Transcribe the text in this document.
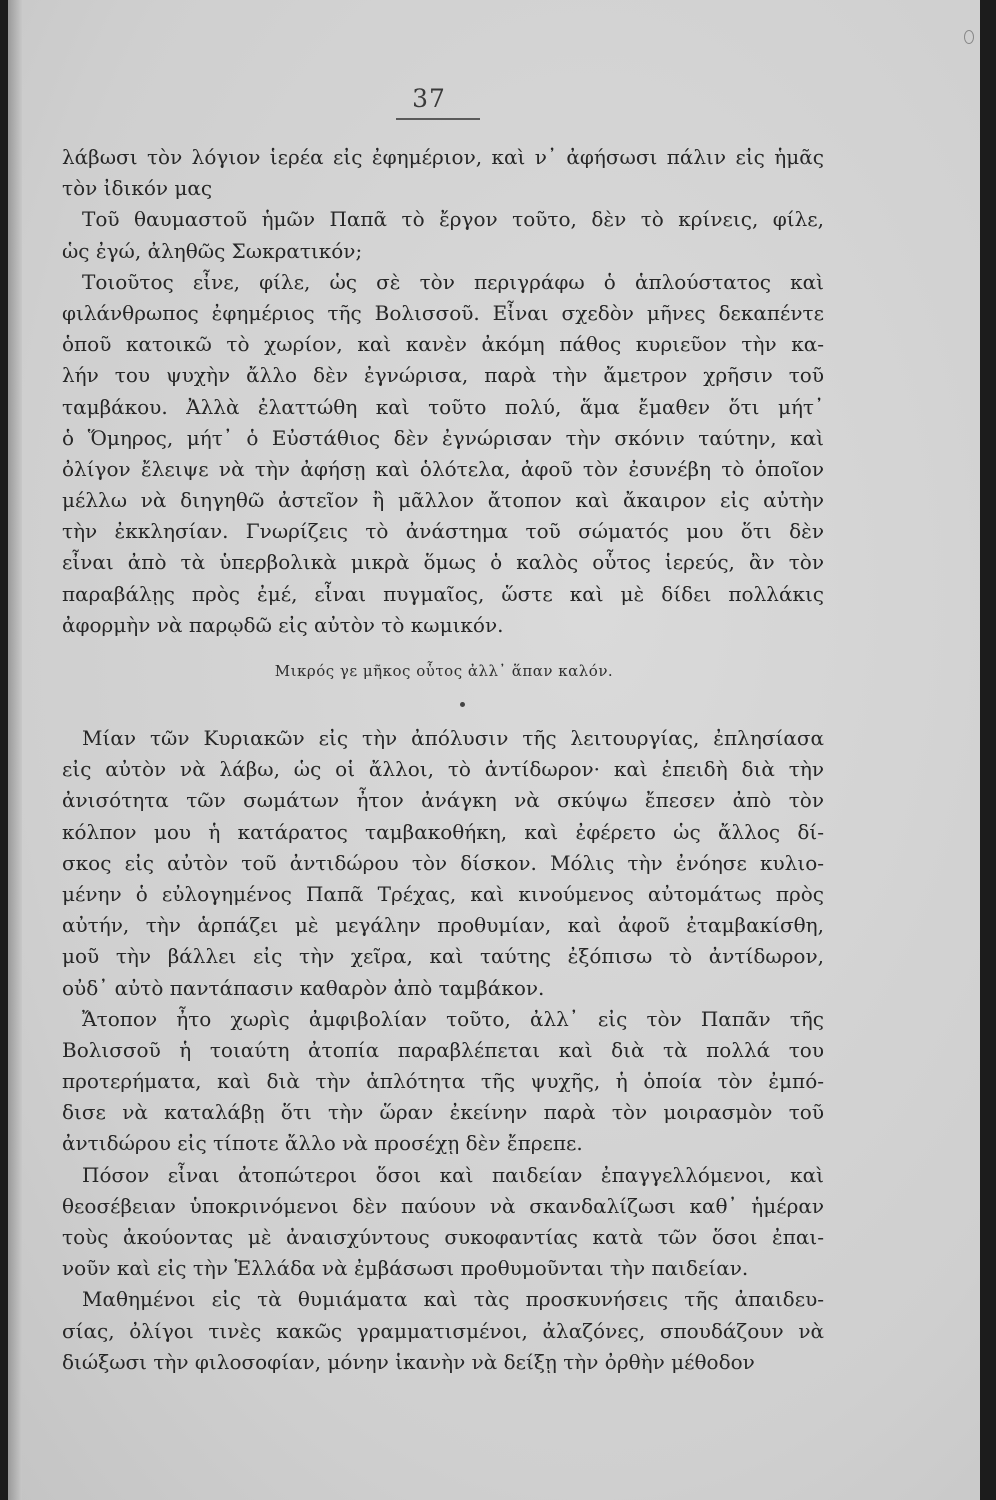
37
λάβωσι τὸν λόγιον ἱερέα εἰς ἐφημέριον, καὶ ν᾽ ἀφήσωσι πάλιν εἰς ἡμᾶς
τὸν ἰδικόν μας
Τοῦ θαυμαστοῦ ἡμῶν Παπᾶ τὸ ἔργον τοῦτο, δὲν τὸ κρίνεις, φίλε,
ὡς ἐγώ, ἀληθῶς Σωκρατικόν;
Τοιοῦτος εἶνε, φίλε, ὡς σὲ τὸν περιγράφω ὁ ἁπλούστατος καὶ
φιλάνθρωπος ἐφημέριος τῆς Βολισσοῦ. Εἶναι σχεδὸν μῆνες δεκαπέντε
ὁποῦ κατοικῶ τὸ χωρίον, καὶ κανὲν ἀκόμη πάθος κυριεῦον τὴν κα-
λήν του ψυχὴν ἄλλο δὲν ἐγνώρισα, παρὰ τὴν ἄμετρον χρῆσιν τοῦ
ταμβάκου. Ἀλλὰ ἐλαττώθη καὶ τοῦτο πολύ, ἅμα ἔμαθεν ὅτι μήτ᾽
ὁ Ὅμηρος, μήτ᾽ ὁ Εὐστάθιος δὲν ἐγνώρισαν τὴν σκόνιν ταύτην, καὶ
ὀλίγον ἔλειψε νὰ τὴν ἀφήσῃ καὶ ὁλότελα, ἀφοῦ τὸν ἐσυνέβη τὸ ὁποῖον
μέλλω νὰ διηγηθῶ ἀστεῖον ἢ μᾶλλον ἄτοπον καὶ ἄκαιρον εἰς αὐτὴν
τὴν ἐκκλησίαν. Γνωρίζεις τὸ ἀνάστημα τοῦ σώματός μου ὅτι δὲν
εἶναι ἀπὸ τὰ ὑπερβολικὰ μικρὰ ὅμως ὁ καλὸς οὗτος ἱερεύς, ἂν τὸν
παραβάλῃς πρὸς ἐμέ, εἶναι πυγμαῖος, ὥστε καὶ μὲ δίδει πολλάκις
ἀφορμὴν νὰ παρῳδῶ εἰς αὐτὸν τὸ κωμικόν.
Μικρός γε μῆκος οὗτος ἀλλ᾽ ἅπαν καλόν.
Μίαν τῶν Κυριακῶν εἰς τὴν ἀπόλυσιν τῆς λειτουργίας, ἐπλησίασα
εἰς αὐτὸν νὰ λάβω, ὡς οἱ ἄλλοι, τὸ ἀντίδωρον· καὶ ἐπειδὴ διὰ τὴν
ἀνισότητα τῶν σωμάτων ἦτον ἀνάγκη νὰ σκύψω ἔπεσεν ἀπὸ τὸν
κόλπον μου ἡ κατάρατος ταμβακοθήκη, καὶ ἐφέρετο ὡς ἄλλος δί-
σκος εἰς αὐτὸν τοῦ ἀντιδώρου τὸν δίσκον. Μόλις τὴν ἐνόησε κυλιο-
μένην ὁ εὐλογημένος Παπᾶ Τρέχας, καὶ κινούμενος αὐτομάτως πρὸς
αὐτήν, τὴν ἁρπάζει μὲ μεγάλην προθυμίαν, καὶ ἀφοῦ ἐταμβακίσθη,
μοῦ τὴν βάλλει εἰς τὴν χεῖρα, καὶ ταύτης ἐξόπισω τὸ ἀντίδωρον,
οὐδ᾽ αὐτὸ παντάπασιν καθαρὸν ἀπὸ ταμβάκον.
Ἄτοπον ἦτο χωρὶς ἀμφιβολίαν τοῦτο, ἀλλ᾽ εἰς τὸν Παπᾶν τῆς
Βολισσοῦ ἡ τοιαύτη ἀτοπία παραβλέπεται καὶ διὰ τὰ πολλά του
προτερήματα, καὶ διὰ τὴν ἁπλότητα τῆς ψυχῆς, ἡ ὁποία τὸν ἐμπό-
δισε νὰ καταλάβῃ ὅτι τὴν ὥραν ἐκείνην παρὰ τὸν μοιρασμὸν τοῦ
ἀντιδώρου εἰς τίποτε ἄλλο νὰ προσέχῃ δὲν ἔπρεπε.
Πόσον εἶναι ἀτοπώτεροι ὅσοι καὶ παιδείαν ἐπαγγελλόμενοι, καὶ
θεοσέβειαν ὑποκρινόμενοι δὲν παύουν νὰ σκανδαλίζωσι καθ᾽ ἡμέραν
τοὺς ἀκούοντας μὲ ἀναισχύντους συκοφαντίας κατὰ τῶν ὅσοι ἐπαι-
νοῦν καὶ εἰς τὴν Ἑλλάδα νὰ ἐμβάσωσι προθυμοῦνται τὴν παιδείαν.
Μαθημένοι εἰς τὰ θυμιάματα καὶ τὰς προσκυνήσεις τῆς ἀπαιδευ-
σίας, ὀλίγοι τινὲς κακῶς γραμματισμένοι, ἀλαζόνες, σπουδάζουν νὰ
διώξωσι τὴν φιλοσοφίαν, μόνην ἱκανὴν νὰ δείξῃ τὴν ὀρθὴν μέθοδον
